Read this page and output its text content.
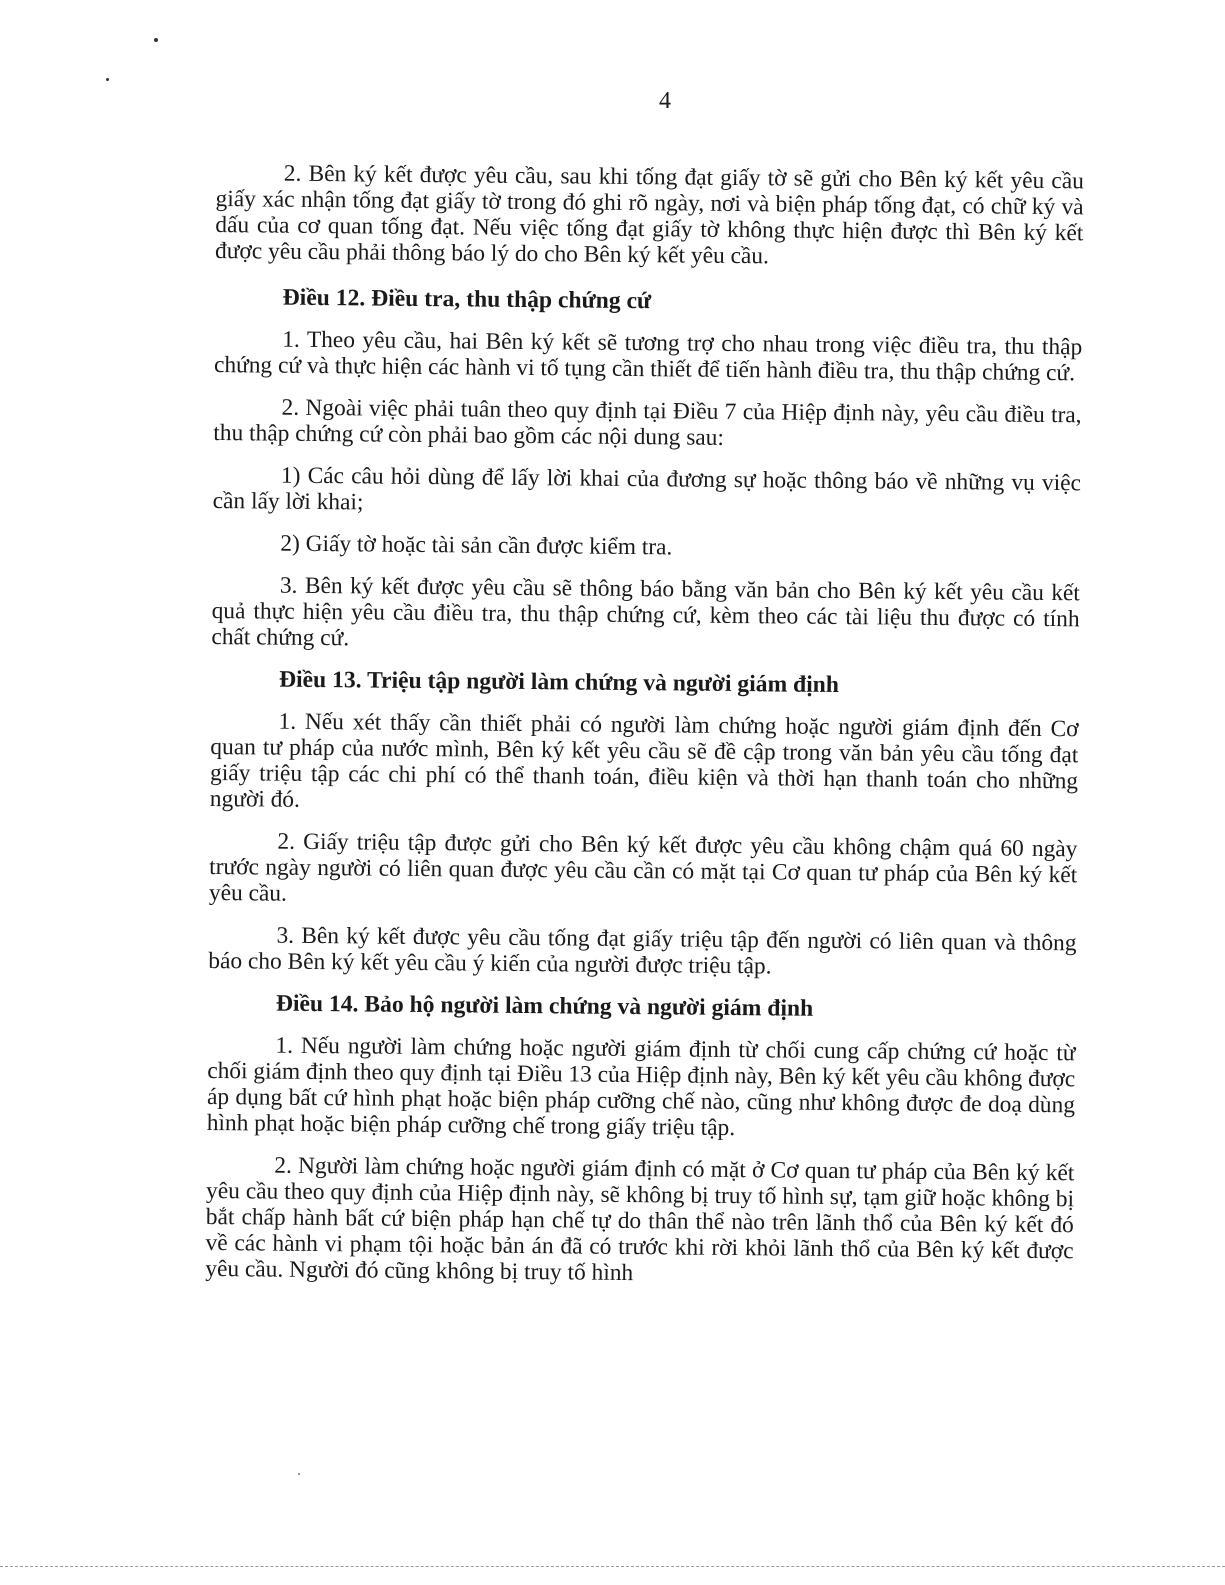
4

2. Bên ký kết được yêu cầu, sau khi tống đạt giấy tờ sẽ gửi cho Bên ký kết yêu cầu giấy xác nhận tống đạt giấy tờ trong đó ghi rõ ngày, nơi và biện pháp tống đạt, có chữ ký và dấu của cơ quan tống đạt. Nếu việc tống đạt giấy tờ không thực hiện được thì Bên ký kết được yêu cầu phải thông báo lý do cho Bên ký kết yêu cầu.

Điều 12. Điều tra, thu thập chứng cứ

1. Theo yêu cầu, hai Bên ký kết sẽ tương trợ cho nhau trong việc điều tra, thu thập chứng cứ và thực hiện các hành vi tố tụng cần thiết để tiến hành điều tra, thu thập chứng cứ.

2. Ngoài việc phải tuân theo quy định tại Điều 7 của Hiệp định này, yêu cầu điều tra, thu thập chứng cứ còn phải bao gồm các nội dung sau:

1) Các câu hỏi dùng để lấy lời khai của đương sự hoặc thông báo về những vụ việc cần lấy lời khai;

2) Giấy tờ hoặc tài sản cần được kiểm tra.

3. Bên ký kết được yêu cầu sẽ thông báo bằng văn bản cho Bên ký kết yêu cầu kết quả thực hiện yêu cầu điều tra, thu thập chứng cứ, kèm theo các tài liệu thu được có tính chất chứng cứ.

Điều 13. Triệu tập người làm chứng và người giám định

1. Nếu xét thấy cần thiết phải có người làm chứng hoặc người giám định đến Cơ quan tư pháp của nước mình, Bên ký kết yêu cầu sẽ đề cập trong văn bản yêu cầu tống đạt giấy triệu tập các chi phí có thể thanh toán, điều kiện và thời hạn thanh toán cho những người đó.

2. Giấy triệu tập được gửi cho Bên ký kết được yêu cầu không chậm quá 60 ngày trước ngày người có liên quan được yêu cầu cần có mặt tại Cơ quan tư pháp của Bên ký kết yêu cầu.

3. Bên ký kết được yêu cầu tống đạt giấy triệu tập đến người có liên quan và thông báo cho Bên ký kết yêu cầu ý kiến của người được triệu tập.

Điều 14. Bảo hộ người làm chứng và người giám định

1. Nếu người làm chứng hoặc người giám định từ chối cung cấp chứng cứ hoặc từ chối giám định theo quy định tại Điều 13 của Hiệp định này, Bên ký kết yêu cầu không được áp dụng bất cứ hình phạt hoặc biện pháp cưỡng chế nào, cũng như không được đe doạ dùng hình phạt hoặc biện pháp cưỡng chế trong giấy triệu tập.

2. Người làm chứng hoặc người giám định có mặt ở Cơ quan tư pháp của Bên ký kết yêu cầu theo quy định của Hiệp định này, sẽ không bị truy tố hình sự, tạm giữ hoặc không bị bắt chấp hành bất cứ biện pháp hạn chế tự do thân thể nào trên lãnh thổ của Bên ký kết đó về các hành vi phạm tội hoặc bản án đã có trước khi rời khỏi lãnh thổ của Bên ký kết được yêu cầu. Người đó cũng không bị truy tố hình
